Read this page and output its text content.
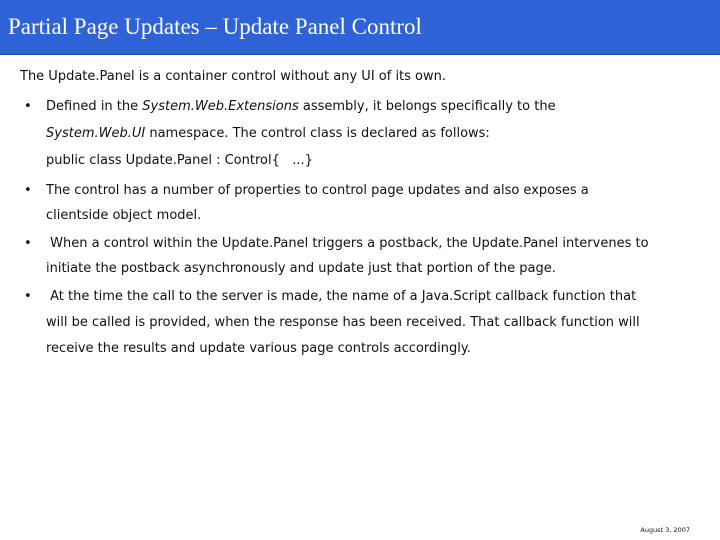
Partial Page Updates – Update Panel Control
The Update.Panel is a container control without any UI of its own.
• Defined in the System.Web.Extensions assembly, it belongs specifically to the
System.Web.UI namespace. The control class is declared as follows:
public class Update.Panel : Control{   ...}
• The control has a number of properties to control page updates and also exposes a
clientside object model.
• When a control within the Update.Panel triggers a postback, the Update.Panel intervenes to
initiate the postback asynchronously and update just that portion of the page.
• At the time the call to the server is made, the name of a Java.Script callback function that
will be called is provided, when the response has been received. That callback function will
receive the results and update various page controls accordingly.
August 3, 2007
